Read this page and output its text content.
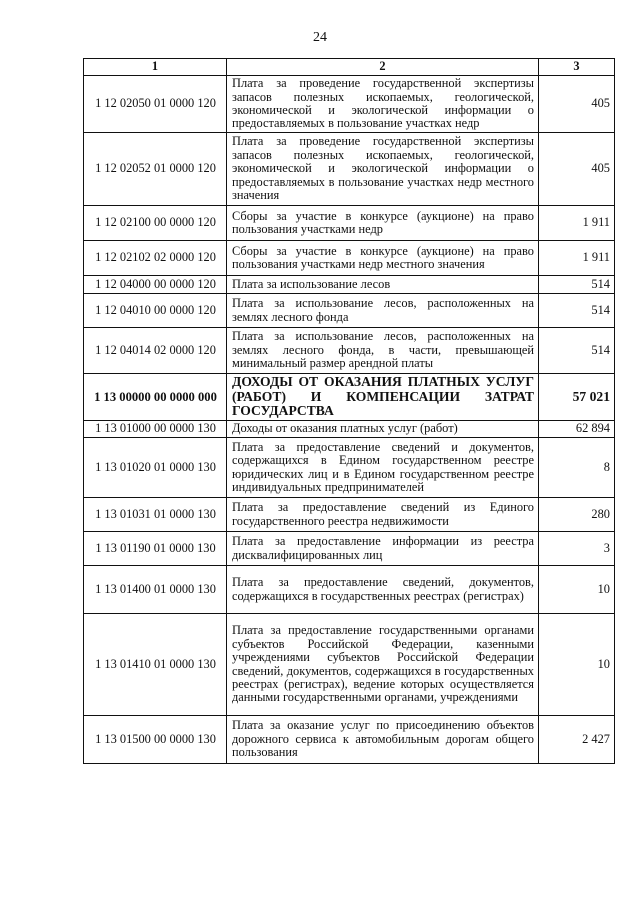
24
1	2	3
1 12 02050 01 0000 120	Плата за проведение государственной экспертизы запасов полезных ископаемых, геологической, экономической и экологической информации о предоставляемых в пользование участках недр	405
1 12 02052 01 0000 120	Плата за проведение государственной экспертизы запасов полезных ископаемых, геологической, экономической и экологической информации о предоставляемых в пользование участках недр местного значения	405
1 12 02100 00 0000 120	Сборы за участие в конкурсе (аукционе) на право пользования участками недр	1 911
1 12 02102 02 0000 120	Сборы за участие в конкурсе (аукционе) на право пользования участками недр местного значения	1 911
1 12 04000 00 0000 120	Плата за использование лесов	514
1 12 04010 00 0000 120	Плата за использование лесов, расположенных на землях лесного фонда	514
1 12 04014 02 0000 120	Плата за использование лесов, расположенных на землях лесного фонда, в части, превышающей минимальный размер арендной платы	514
1 13 00000 00 0000 000	ДОХОДЫ ОТ ОКАЗАНИЯ ПЛАТНЫХ УСЛУГ (РАБОТ) И КОМПЕНСАЦИИ ЗАТРАТ ГОСУДАРСТВА	57 021
1 13 01000 00 0000 130	Доходы от оказания платных услуг (работ)	62 894
1 13 01020 01 0000 130	Плата за предоставление сведений и документов, содержащихся в Едином государственном реестре юридических лиц и в Едином государственном реестре индивидуальных предпринимателей	8
1 13 01031 01 0000 130	Плата за предоставление сведений из Единого государственного реестра недвижимости	280
1 13 01190 01 0000 130	Плата за предоставление информации из реестра дисквалифицированных лиц	3
1 13 01400 01 0000 130	Плата за предоставление сведений, документов, содержащихся в государственных реестрах (регистрах)	10
1 13 01410 01 0000 130	Плата за предоставление государственными органами субъектов Российской Федерации, казенными учреждениями субъектов Российской Федерации сведений, документов, содержащихся в государственных реестрах (регистрах), ведение которых осуществляется данными государственными органами, учреждениями	10
1 13 01500 00 0000 130	Плата за оказание услуг по присоединению объектов дорожного сервиса к автомобильным дорогам общего пользования	2 427
